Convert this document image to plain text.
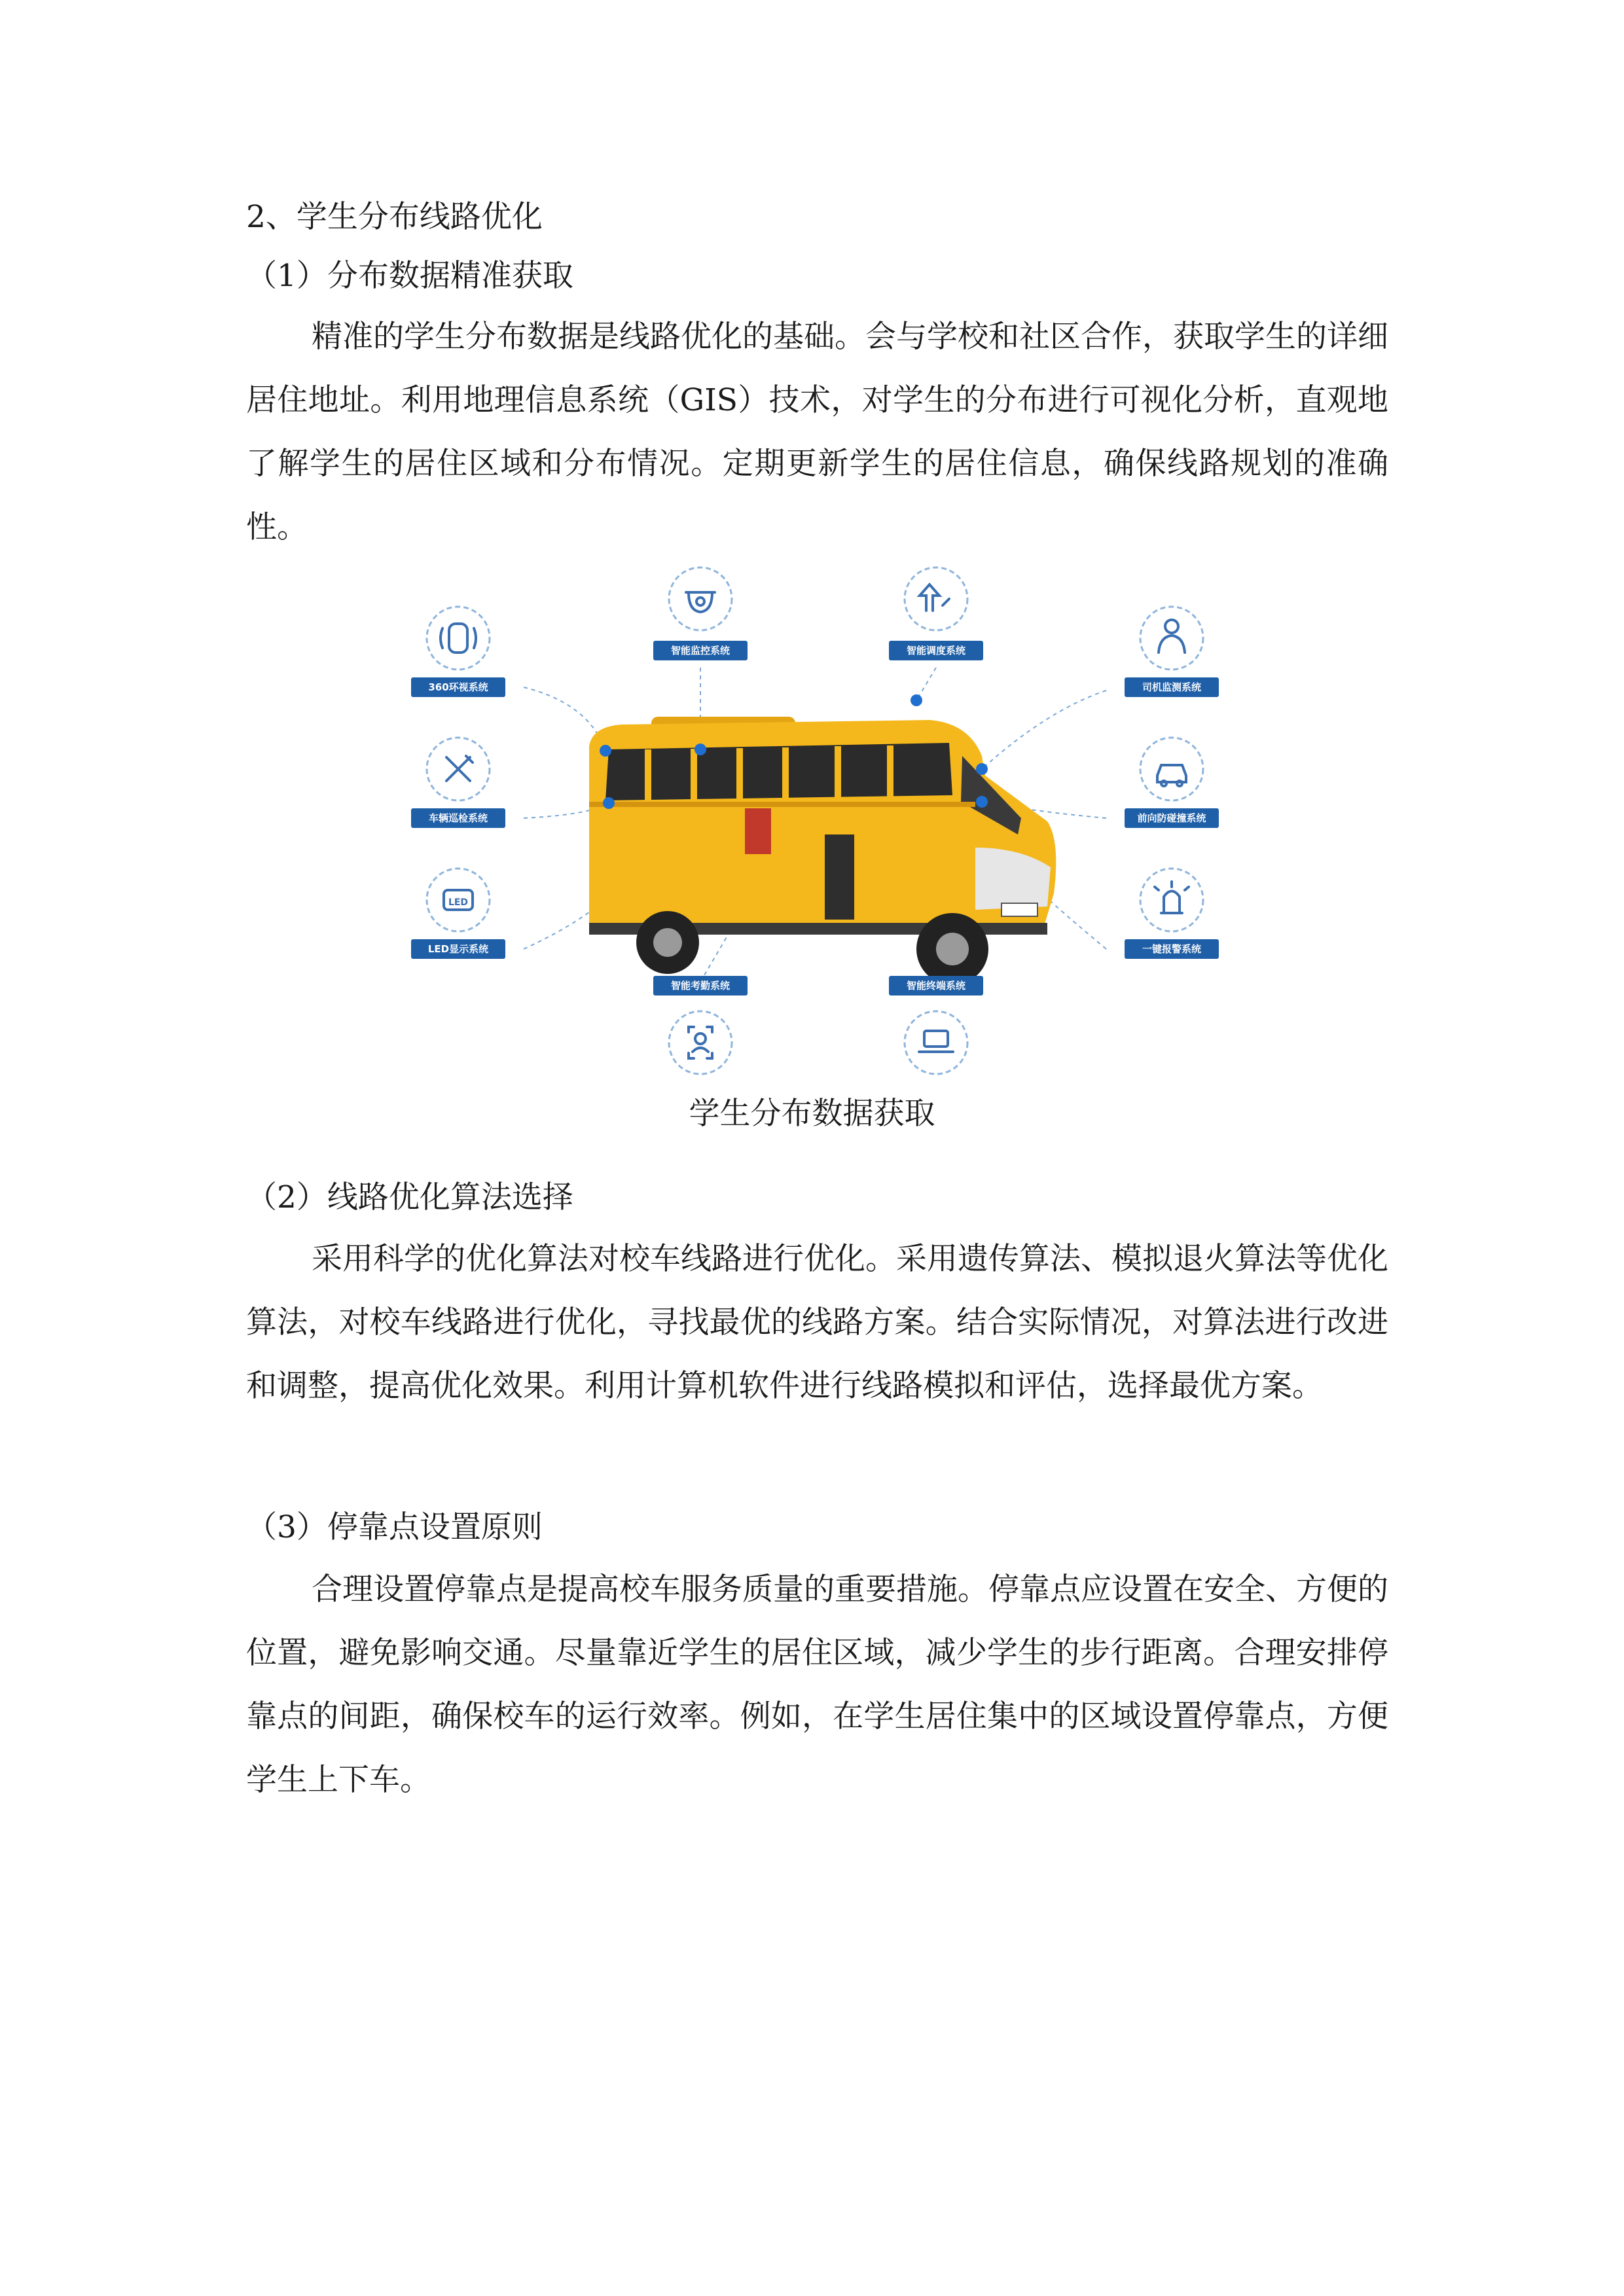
2、学生分布线路优化
（1）分布数据精准获取

精准的学生分布数据是线路优化的基础。会与学校和社区合作，获取学生的详细居住地址。利用地理信息系统（GIS）技术，对学生的分布进行可视化分析，直观地了解学生的居住区域和分布情况。定期更新学生的居住信息，确保线路规划的准确性。

LED
360环视系统
智能监控系统	智能调度系统
司机监测系统
车辆巡检系统	前向防碰撞系统
LED显示系统	一键报警系统
智能考勤系统	智能终端系统
学生分布数据获取
（2）线路优化算法选择

采用科学的优化算法对校车线路进行优化。采用遗传算法、模拟退火算法等优化算法，对校车线路进行优化，寻找最优的线路方案。结合实际情况，对算法进行改进和调整，提高优化效果。利用计算机软件进行线路模拟和评估，选择最优方案。

（3）停靠点设置原则

合理设置停靠点是提高校车服务质量的重要措施。停靠点应设置在安全、方便的位置，避免影响交通。尽量靠近学生的居住区域，减少学生的步行距离。合理安排停靠点的间距，确保校车的运行效率。例如，在学生居住集中的区域设置停靠点，方便学生上下车。
